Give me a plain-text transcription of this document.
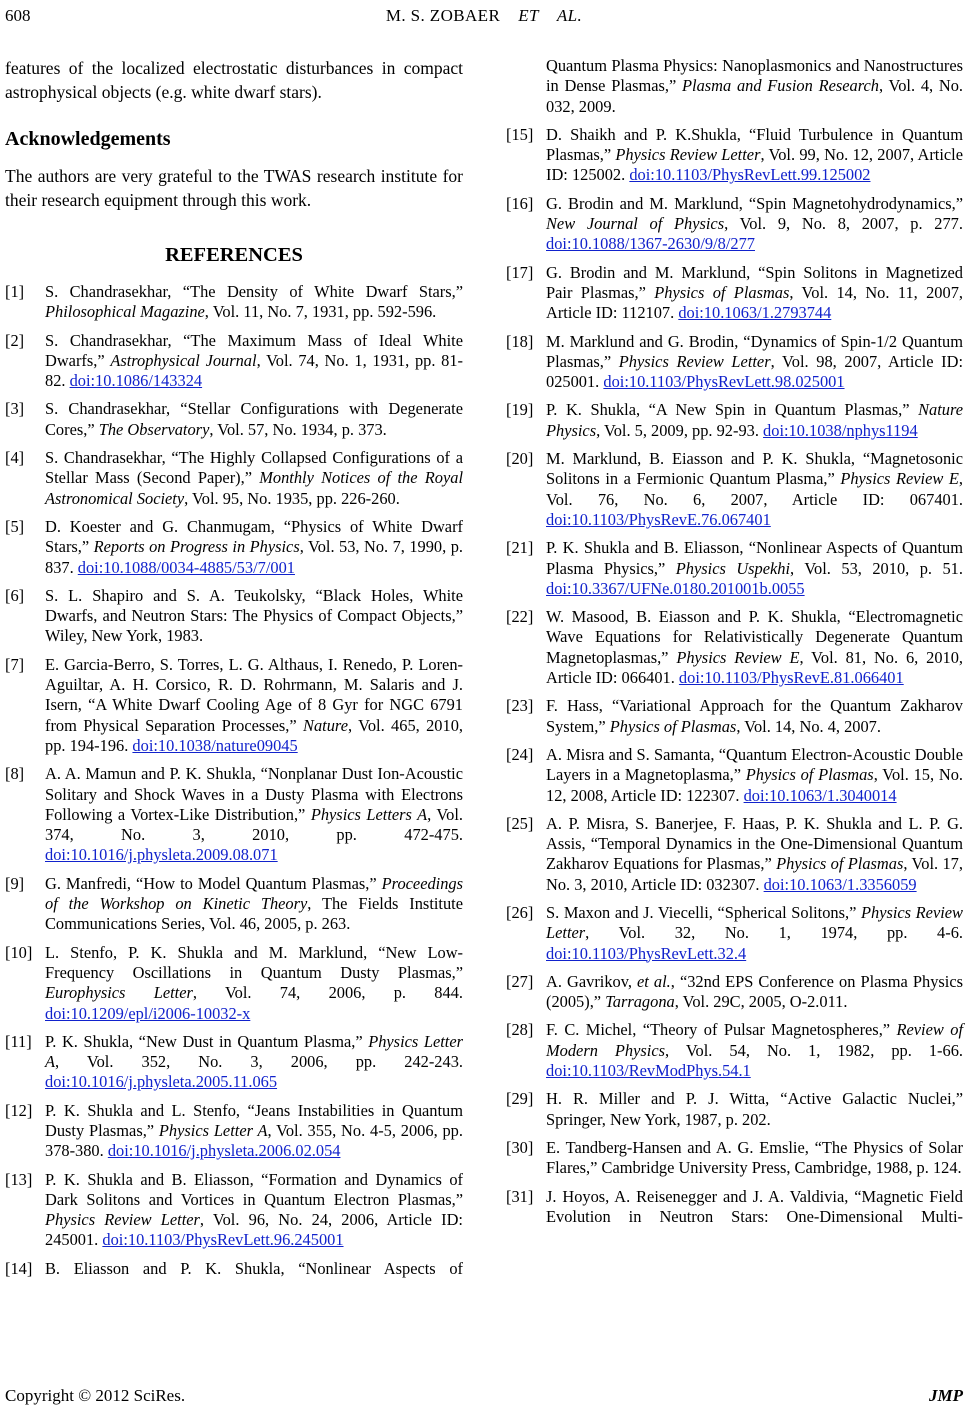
608	M. S. ZOBAER ET AL.

features of the localized electrostatic disturbances in compact astrophysical objects (e.g. white dwarf stars).

Acknowledgements

The authors are very grateful to the TWAS research institute for their research equipment through this work.

REFERENCES
[1] S. Chandrasekhar, “The Density of White Dwarf Stars,” Philosophical Magazine, Vol. 11, No. 7, 1931, pp. 592-596.
[2] S. Chandrasekhar, “The Maximum Mass of Ideal White Dwarfs,” Astrophysical Journal, Vol. 74, No. 1, 1931, pp. 81-82. doi:10.1086/143324
[3] S. Chandrasekhar, “Stellar Configurations with Degenerate Cores,” The Observatory, Vol. 57, No. 1934, p. 373.
[4] S. Chandrasekhar, “The Highly Collapsed Configurations of a Stellar Mass (Second Paper),” Monthly Notices of the Royal Astronomical Society, Vol. 95, No. 1935, pp. 226-260.
[5] D. Koester and G. Chanmugam, “Physics of White Dwarf Stars,” Reports on Progress in Physics, Vol. 53, No. 7, 1990, p. 837. doi:10.1088/0034-4885/53/7/001
[6] S. L. Shapiro and S. A. Teukolsky, “Black Holes, White Dwarfs, and Neutron Stars: The Physics of Compact Objects,” Wiley, New York, 1983.
[7] E. Garcia-Berro, S. Torres, L. G. Althaus, I. Renedo, P. Loren-Aguiltar, A. H. Corsico, R. D. Rohrmann, M. Salaris and J. Isern, “A White Dwarf Cooling Age of 8 Gyr for NGC 6791 from Physical Separation Processes,” Nature, Vol. 465, 2010, pp. 194-196. doi:10.1038/nature09045
[8] A. A. Mamun and P. K. Shukla, “Nonplanar Dust Ion-Acoustic Solitary and Shock Waves in a Dusty Plasma with Electrons Following a Vortex-Like Distribution,” Physics Letters A, Vol. 374, No. 3, 2010, pp. 472-475. doi:10.1016/j.physleta.2009.08.071
[9] G. Manfredi, “How to Model Quantum Plasmas,” Proceedings of the Workshop on Kinetic Theory, The Fields Institute Communications Series, Vol. 46, 2005, p. 263.
[10] L. Stenfo, P. K. Shukla and M. Marklund, “New Low-Frequency Oscillations in Quantum Dusty Plasmas,” Europhysics Letter, Vol. 74, 2006, p. 844. doi:10.1209/epl/i2006-10032-x
[11] P. K. Shukla, “New Dust in Quantum Plasma,” Physics Letter A, Vol. 352, No. 3, 2006, pp. 242-243. doi:10.1016/j.physleta.2005.11.065
[12] P. K. Shukla and L. Stenfo, “Jeans Instabilities in Quantum Dusty Plasmas,” Physics Letter A, Vol. 355, No. 4-5, 2006, pp. 378-380. doi:10.1016/j.physleta.2006.02.054
[13] P. K. Shukla and B. Eliasson, “Formation and Dynamics of Dark Solitons and Vortices in Quantum Electron Plasmas,” Physics Review Letter, Vol. 96, No. 24, 2006, Article ID: 245001. doi:10.1103/PhysRevLett.96.245001
[14] B. Eliasson and P. K. Shukla, “Nonlinear Aspects of
Quantum Plasma Physics: Nanoplasmonics and Nanostructures in Dense Plasmas,” Plasma and Fusion Research, Vol. 4, No. 032, 2009.
[15] D. Shaikh and P. K.Shukla, “Fluid Turbulence in Quantum Plasmas,” Physics Review Letter, Vol. 99, No. 12, 2007, Article ID: 125002. doi:10.1103/PhysRevLett.99.125002
[16] G. Brodin and M. Marklund, “Spin Magnetohydrodynamics,” New Journal of Physics, Vol. 9, No. 8, 2007, p. 277. doi:10.1088/1367-2630/9/8/277
[17] G. Brodin and M. Marklund, “Spin Solitons in Magnetized Pair Plasmas,” Physics of Plasmas, Vol. 14, No. 11, 2007, Article ID: 112107. doi:10.1063/1.2793744
[18] M. Marklund and G. Brodin, “Dynamics of Spin-1/2 Quantum Plasmas,” Physics Review Letter, Vol. 98, 2007, Article ID: 025001. doi:10.1103/PhysRevLett.98.025001
[19] P. K. Shukla, “A New Spin in Quantum Plasmas,” Nature Physics, Vol. 5, 2009, pp. 92-93. doi:10.1038/nphys1194
[20] M. Marklund, B. Eiasson and P. K. Shukla, “Magnetosonic Solitons in a Fermionic Quantum Plasma,” Physics Review E, Vol. 76, No. 6, 2007, Article ID: 067401. doi:10.1103/PhysRevE.76.067401
[21] P. K. Shukla and B. Eliasson, “Nonlinear Aspects of Quantum Plasma Physics,” Physics Uspekhi, Vol. 53, 2010, p. 51. doi:10.3367/UFNe.0180.201001b.0055
[22] W. Masood, B. Eiasson and P. K. Shukla, “Electromagnetic Wave Equations for Relativistically Degenerate Quantum Magnetoplasmas,” Physics Review E, Vol. 81, No. 6, 2010, Article ID: 066401. doi:10.1103/PhysRevE.81.066401
[23] F. Hass, “Variational Approach for the Quantum Zakharov System,” Physics of Plasmas, Vol. 14, No. 4, 2007.
[24] A. Misra and S. Samanta, “Quantum Electron-Acoustic Double Layers in a Magnetoplasma,” Physics of Plasmas, Vol. 15, No. 12, 2008, Article ID: 122307. doi:10.1063/1.3040014
[25] A. P. Misra, S. Banerjee, F. Haas, P. K. Shukla and L. P. G. Assis, “Temporal Dynamics in the One-Dimensional Quantum Zakharov Equations for Plasmas,” Physics of Plasmas, Vol. 17, No. 3, 2010, Article ID: 032307. doi:10.1063/1.3356059
[26] S. Maxon and J. Viecelli, “Spherical Solitons,” Physics Review Letter, Vol. 32, No. 1, 1974, pp. 4-6. doi:10.1103/PhysRevLett.32.4
[27] A. Gavrikov, et al., “32nd EPS Conference on Plasma Physics (2005),” Tarragona, Vol. 29C, 2005, O-2.011.
[28] F. C. Michel, “Theory of Pulsar Magnetospheres,” Review of Modern Physics, Vol. 54, No. 1, 1982, pp. 1-66. doi:10.1103/RevModPhys.54.1
[29] H. R. Miller and P. J. Witta, “Active Galactic Nuclei,” Springer, New York, 1987, p. 202.
[30] E. Tandberg-Hansen and A. G. Emslie, “The Physics of Solar Flares,” Cambridge University Press, Cambridge, 1988, p. 124.
[31] J. Hoyos, A. Reisenegger and J. A. Valdivia, “Magnetic Field Evolution in Neutron Stars: One-Dimensional Multi-
Copyright © 2012 SciRes.	JMP
